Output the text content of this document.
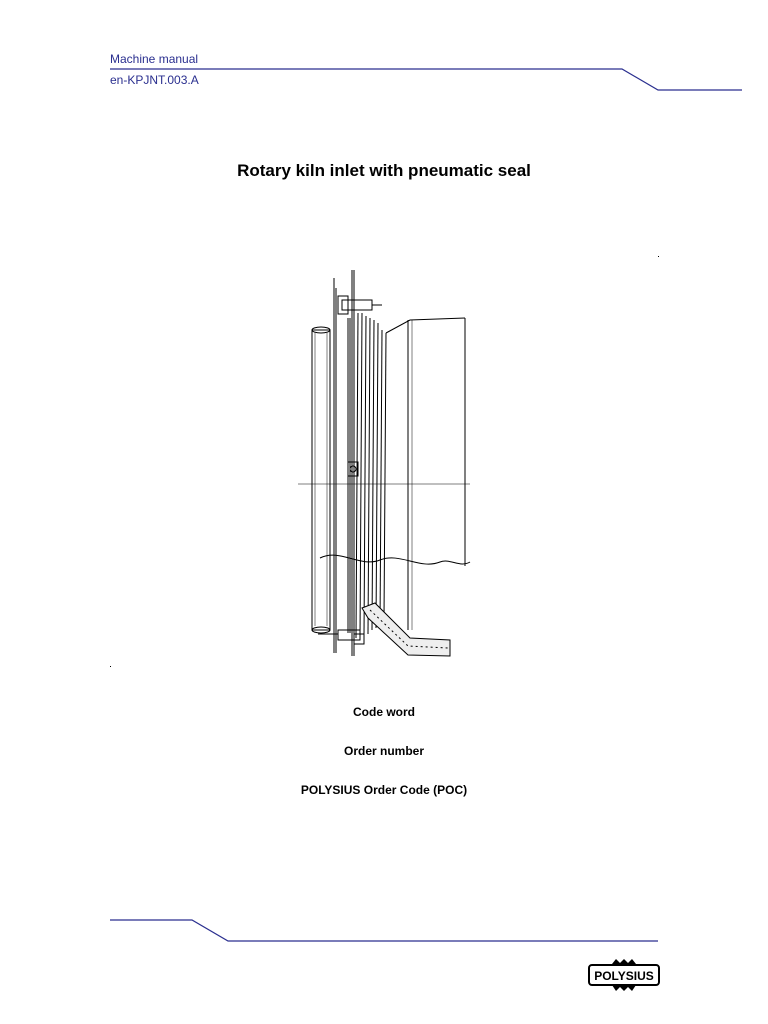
Machine manual
en-KPJNT.003.A
Rotary kiln inlet with pneumatic seal
Code word
Order number
POLYSIUS Order Code (POC)
POLYSIUS
